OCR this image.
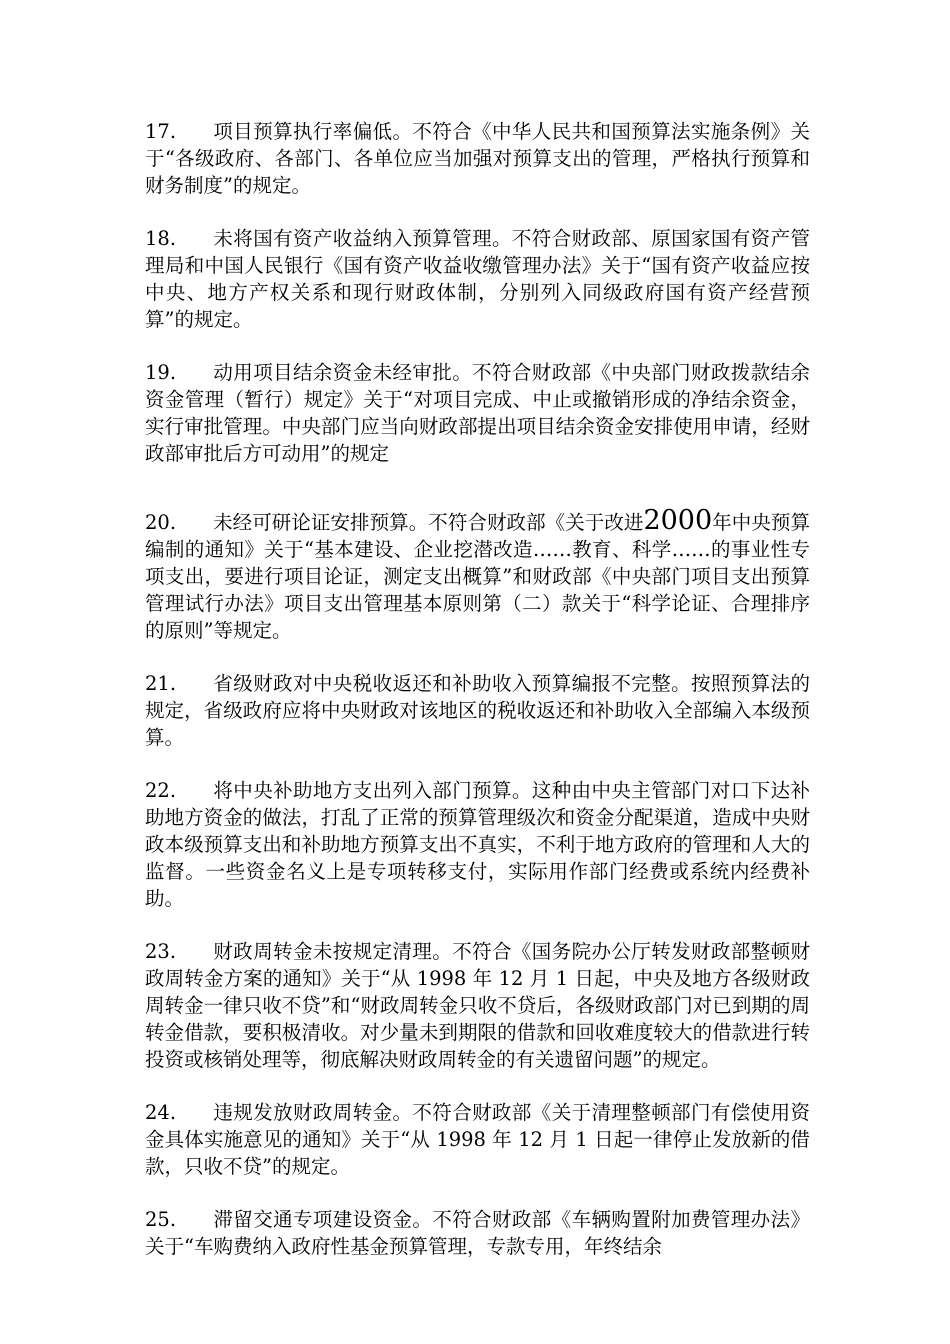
17. 项目预算执行率偏低。不符合《中华人民共和国预算法实施条例》关于“各级政府、各部门、各单位应当加强对预算支出的管理，严格执行预算和财务制度”的规定。

18. 未将国有资产收益纳入预算管理。不符合财政部、原国家国有资产管理局和中国人民银行《国有资产收益收缴管理办法》关于“国有资产收益应按中央、地方产权关系和现行财政体制，分别列入同级政府国有资产经营预算”的规定。

19. 动用项目结余资金未经审批。不符合财政部《中央部门财政拨款结余资金管理（暂行）规定》关于“对项目完成、中止或撤销形成的净结余资金，实行审批管理。中央部门应当向财政部提出项目结余资金安排使用申请，经财政部审批后方可动用”的规定

20. 未经可研论证安排预算。不符合财政部《关于改进2000年中央预算编制的通知》关于“基本建设、企业挖潜改造……教育、科学……的事业性专项支出，要进行项目论证，测定支出概算”和财政部《中央部门项目支出预算管理试行办法》项目支出管理基本原则第（二）款关于“科学论证、合理排序的原则”等规定。

21. 省级财政对中央税收返还和补助收入预算编报不完整。按照预算法的规定，省级政府应将中央财政对该地区的税收返还和补助收入全部编入本级预算。

22. 将中央补助地方支出列入部门预算。这种由中央主管部门对口下达补助地方资金的做法，打乱了正常的预算管理级次和资金分配渠道，造成中央财政本级预算支出和补助地方预算支出不真实，不利于地方政府的管理和人大的监督。一些资金名义上是专项转移支付，实际用作部门经费或系统内经费补助。

23. 财政周转金未按规定清理。不符合《国务院办公厅转发财政部整顿财政周转金方案的通知》关于“从 1998 年 12 月 1 日起，中央及地方各级财政周转金一律只收不贷”和“财政周转金只收不贷后，各级财政部门对已到期的周转金借款，要积极清收。对少量未到期限的借款和回收难度较大的借款进行转投资或核销处理等，彻底解决财政周转金的有关遗留问题”的规定。

24. 违规发放财政周转金。不符合财政部《关于清理整顿部门有偿使用资金具体实施意见的通知》关于“从 1998 年 12 月 1 日起一律停止发放新的借款，只收不贷”的规定。

25. 滞留交通专项建设资金。不符合财政部《车辆购置附加费管理办法》关于“车购费纳入政府性基金预算管理，专款专用，年终结余
